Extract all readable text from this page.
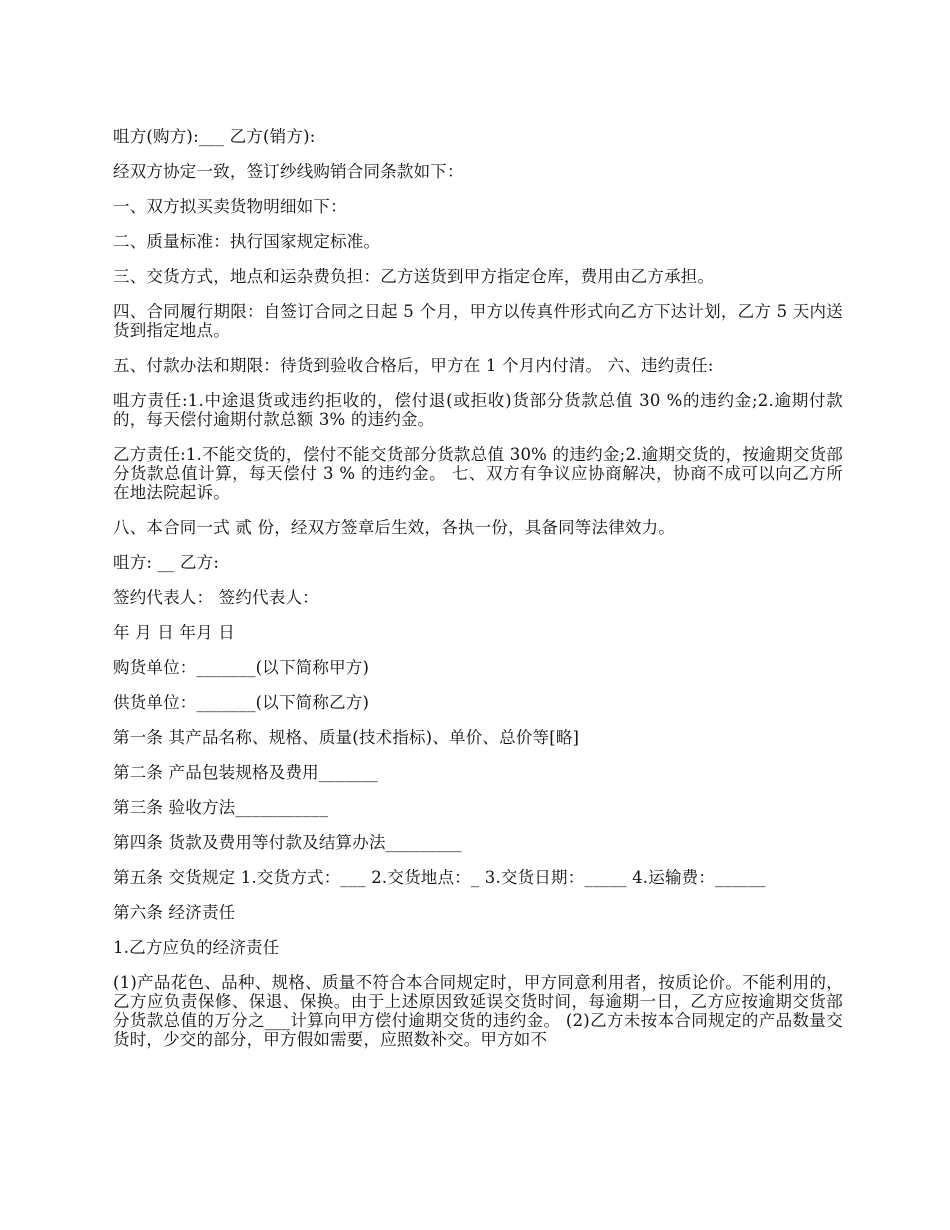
咀方(购方):___ 乙方(销方):

经双方协定一致，签订纱线购销合同条款如下：

一、双方拟买卖货物明细如下：

二、质量标准：执行国家规定标准。

三、交货方式，地点和运杂费负担：乙方送货到甲方指定仓库，费用由乙方承担。

四、合同履行期限：自签订合同之日起 5 个月，甲方以传真件形式向乙方下达计划，乙方 5 天内送货到指定地点。

五、付款办法和期限：待货到验收合格后，甲方在 1 个月内付清。 六、违约责任:

咀方责任:1.中途退货或违约拒收的，偿付退(或拒收)货部分货款总值 30 %的违约金;2.逾期付款的，每天偿付逾期付款总额 3% 的违约金。

乙方责任:1.不能交货的，偿付不能交货部分货款总值 30% 的违约金;2.逾期交货的，按逾期交货部分货款总值计算，每天偿付 3 % 的违约金。 七、双方有争议应协商解决，协商不成可以向乙方所在地法院起诉。

八、本合同一式 贰 份，经双方签章后生效，各执一份，具备同等法律效力。

咀方: __ 乙方:

签约代表人： 签约代表人：

年 月 日 年月 日

购货单位：_______(以下简称甲方)

供货单位：_______(以下简称乙方)

第一条 其产品名称、规格、质量(技术指标)、单价、总价等[略]

第二条 产品包装规格及费用_______

第三条 验收方法___________

第四条 货款及费用等付款及结算办法_________

第五条 交货规定 1.交货方式：___ 2.交货地点：_ 3.交货日期：_____ 4.运输费：______

第六条 经济责任

1.乙方应负的经济责任

(1)产品花色、品种、规格、质量不符合本合同规定时，甲方同意利用者，按质论价。不能利用的，乙方应负责保修、保退、保换。由于上述原因致延误交货时间，每逾期一日，乙方应按逾期交货部分货款总值的万分之___计算向甲方偿付逾期交货的违约金。 (2)乙方未按本合同规定的产品数量交货时，少交的部分，甲方假如需要，应照数补交。甲方如不
